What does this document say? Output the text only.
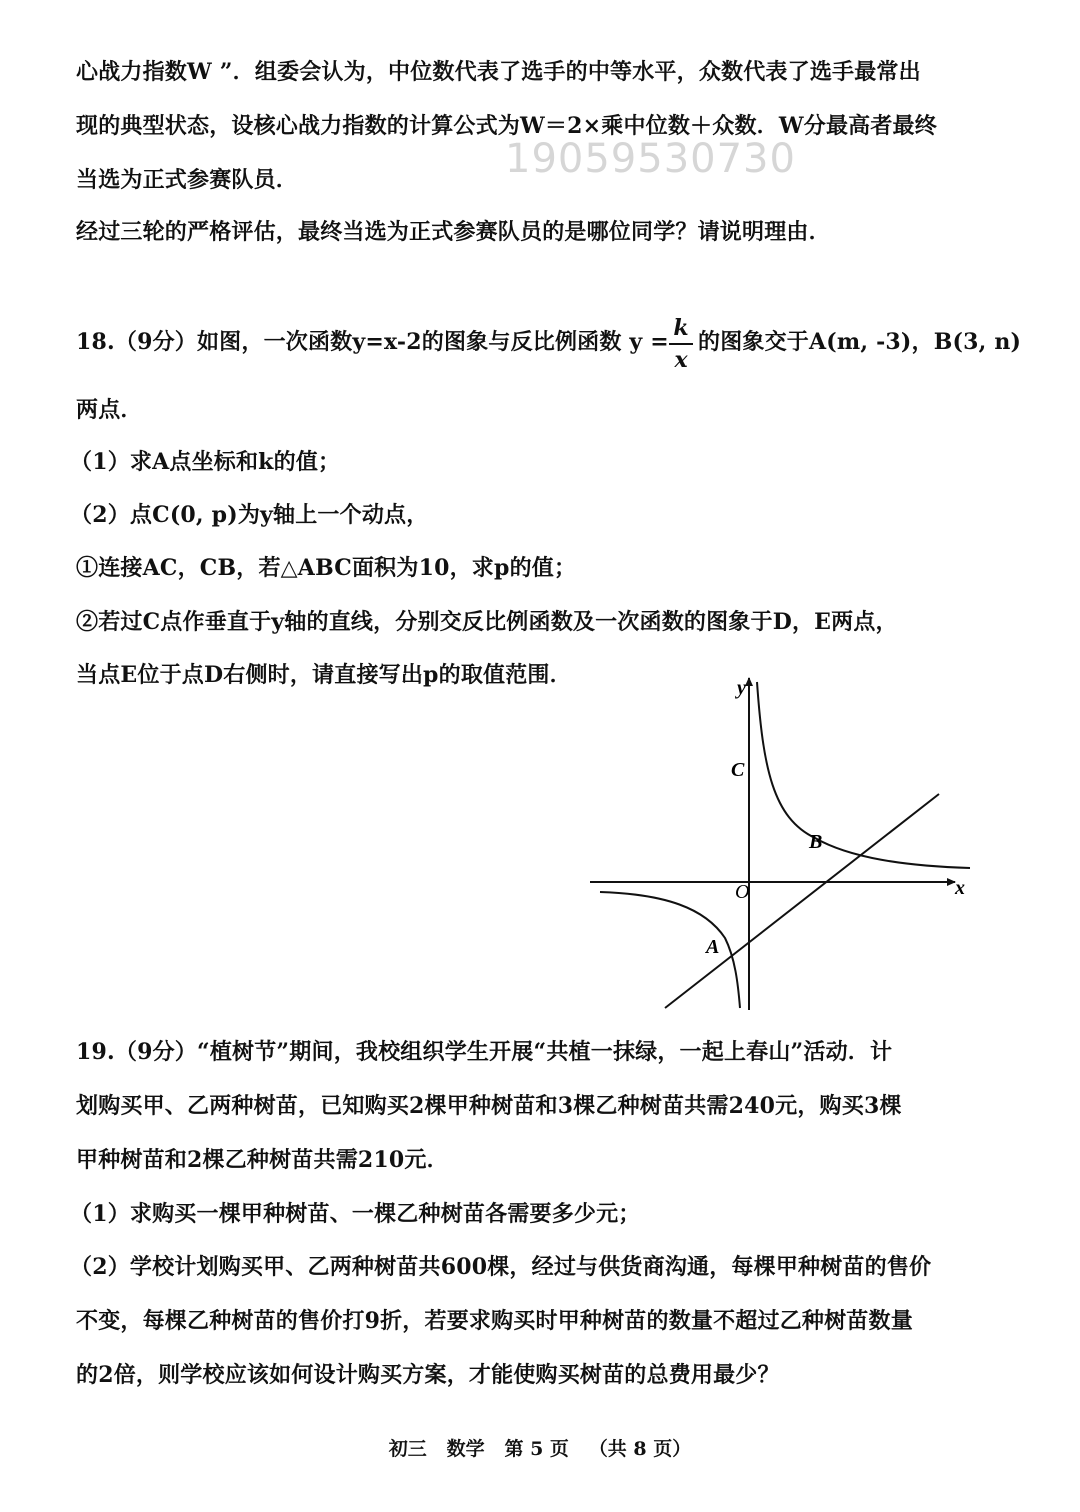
心战力指数W ”．组委会认为，中位数代表了选手的中等水平，众数代表了选手最常出
现的典型状态，设核心战力指数的计算公式为W＝2×乘中位数＋众数．W分最高者最终
19059530730
当选为正式参赛队员．
经过三轮的严格评估，最终当选为正式参赛队员的是哪位同学？请说明理由．
18.（9分）如图，一次函数y=x-2的图象与反比例函数 y =
k
x
的图象交于A(m, -3)，B(3, n)
两点．
（1）求A点坐标和k的值；
（2）点C(0, p)为y轴上一个动点，
①连接AC，CB，若△ABC面积为10，求p的值；
②若过C点作垂直于y轴的直线，分别交反比例函数及一次函数的图象于D，E两点，
当点E位于点D右侧时，请直接写出p的取值范围．	y
x
O
C
B
A
19.（9分）“植树节”期间，我校组织学生开展“共植一抹绿，一起上春山”活动．计
划购买甲、乙两种树苗，已知购买2棵甲种树苗和3棵乙种树苗共需240元，购买3棵
甲种树苗和2棵乙种树苗共需210元．
（1）求购买一棵甲种树苗、一棵乙种树苗各需要多少元；
（2）学校计划购买甲、乙两种树苗共600棵，经过与供货商沟通，每棵甲种树苗的售价
不变，每棵乙种树苗的售价打9折，若要求购买时甲种树苗的数量不超过乙种树苗数量
的2倍，则学校应该如何设计购买方案，才能使购买树苗的总费用最少？
初三   数学   第 5 页   （共 8 页）
